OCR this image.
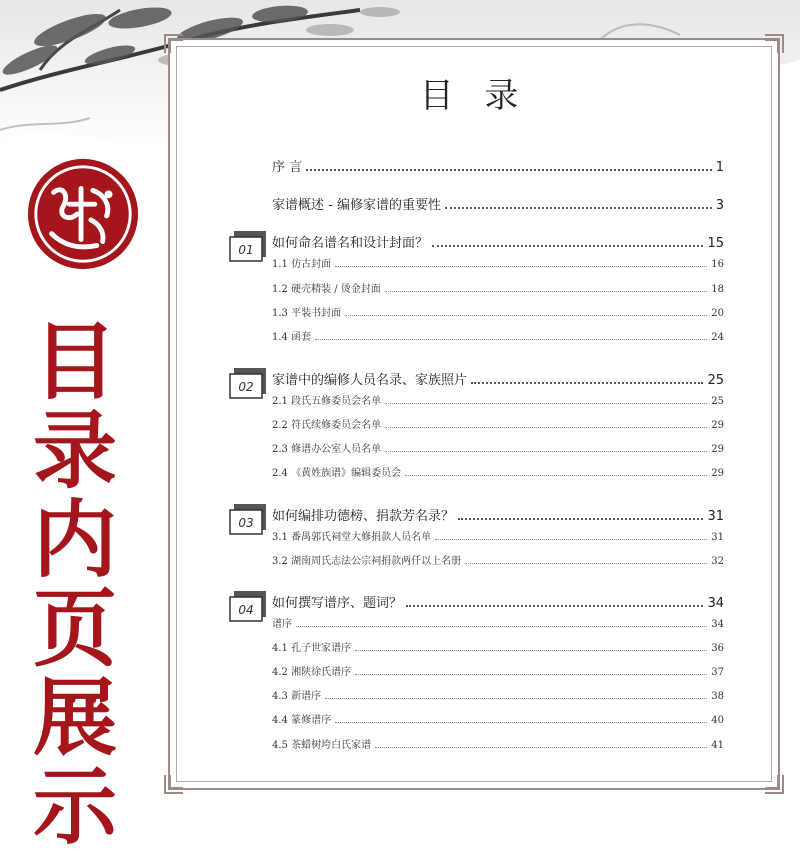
目
录
内
页
展
示
目 录
序 言	1
家谱概述 - 编修家谱的重要性	3
如何命名谱名和设计封面？	15
01
1.1 仿古封面	16
1.2 硬壳精装 / 烫金封面	18
1.3 平装书封面	20
1.4 函套	24
家谱中的编修人员名录、家族照片	25
02
2.1 段氏五修委员会名单	25
2.2 符氏续修委员会名单	29
2.3 修谱办公室人员名单	29
2.4 《黄姓族谱》编辑委员会	29
如何编排功德榜、捐款芳名录？	31
03
3.1 番禺郭氏祠堂大修捐款人员名单	31
3.2 湖南周氏志法公宗祠捐款两仟以上名册	32
如何撰写谱序、题词？	34
04
谱序	34
4.1 孔子世家谱序	36
4.2 湘陕徐氏谱序	37
4.3 新谱序	38
4.4 篆修谱序	40
4.5 茶蜡树垮白氏家谱	41
